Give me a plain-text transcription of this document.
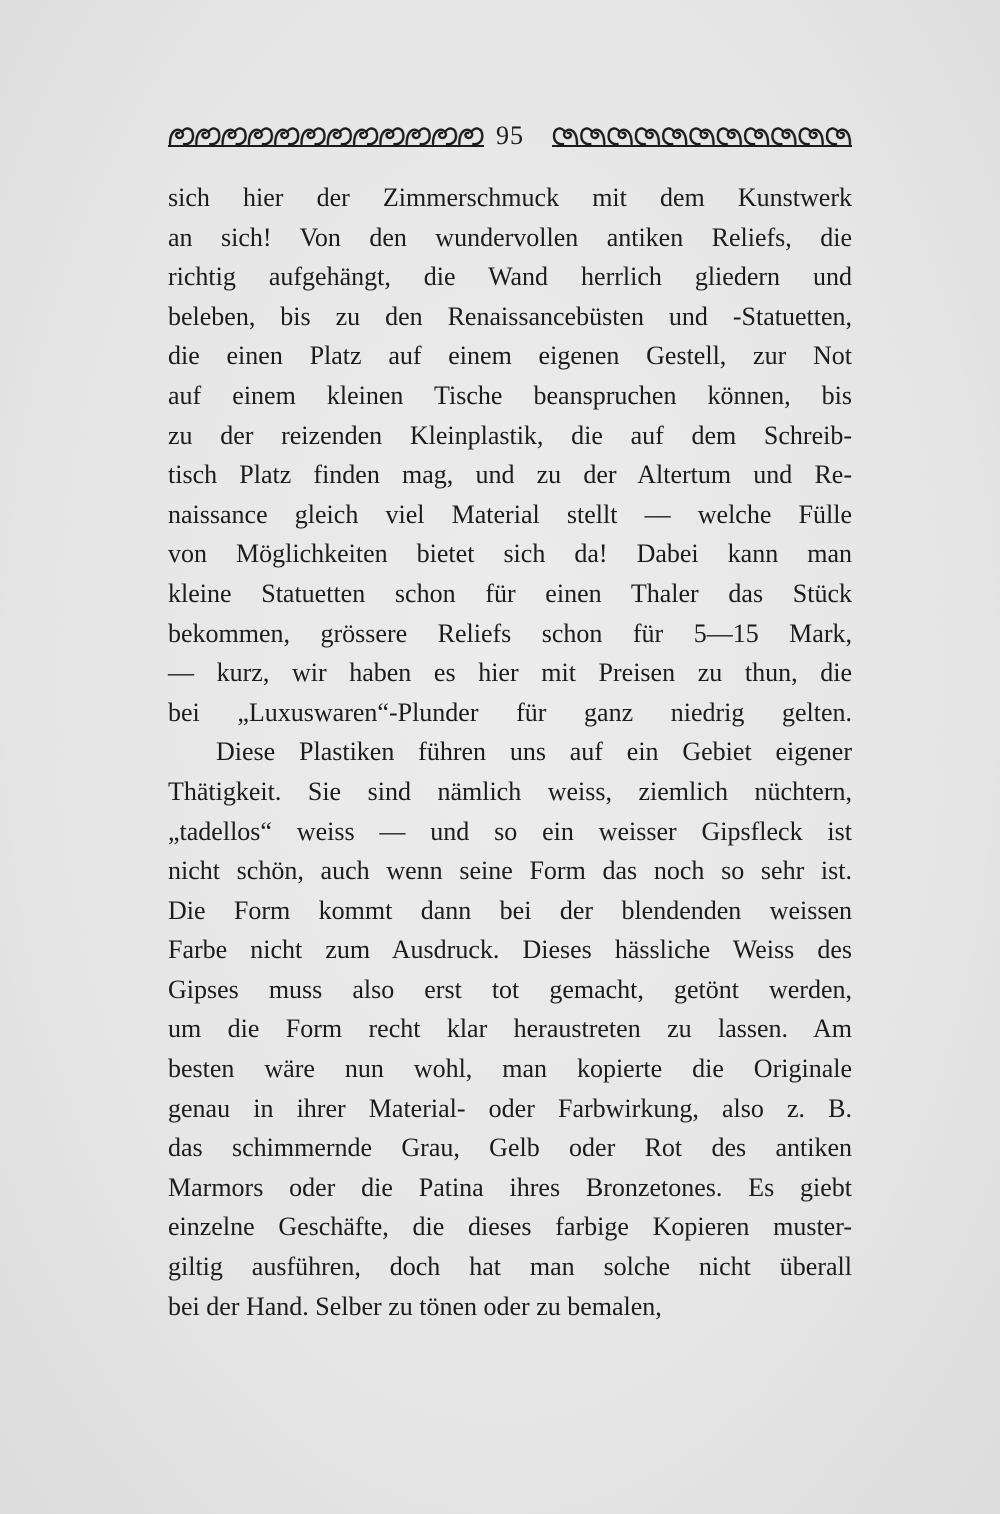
95
sich hier der Zimmerschmuck mit dem Kunstwerk
an sich! Von den wundervollen antiken Reliefs, die
richtig aufgehängt, die Wand herrlich gliedern und
beleben, bis zu den Renaissancebüsten und -Statuetten,
die einen Platz auf einem eigenen Gestell, zur Not
auf einem kleinen Tische beanspruchen können, bis
zu der reizenden Kleinplastik, die auf dem Schreib-
tisch Platz finden mag, und zu der Altertum und Re-
naissance gleich viel Material stellt — welche Fülle
von Möglichkeiten bietet sich da! Dabei kann man
kleine Statuetten schon für einen Thaler das Stück
bekommen, grössere Reliefs schon für 5—15 Mark,
— kurz, wir haben es hier mit Preisen zu thun, die
bei „Luxuswaren“-Plunder für ganz niedrig gelten.
Diese Plastiken führen uns auf ein Gebiet eigener
Thätigkeit. Sie sind nämlich weiss, ziemlich nüchtern,
„tadellos“ weiss — und so ein weisser Gipsfleck ist
nicht schön, auch wenn seine Form das noch so sehr ist.
Die Form kommt dann bei der blendenden weissen
Farbe nicht zum Ausdruck. Dieses hässliche Weiss des
Gipses muss also erst tot gemacht, getönt werden,
um die Form recht klar heraustreten zu lassen. Am
besten wäre nun wohl, man kopierte die Originale
genau in ihrer Material- oder Farbwirkung, also z. B.
das schimmernde Grau, Gelb oder Rot des antiken
Marmors oder die Patina ihres Bronzetones. Es giebt
einzelne Geschäfte, die dieses farbige Kopieren muster-
giltig ausführen, doch hat man solche nicht überall
bei der Hand. Selber zu tönen oder zu bemalen,
